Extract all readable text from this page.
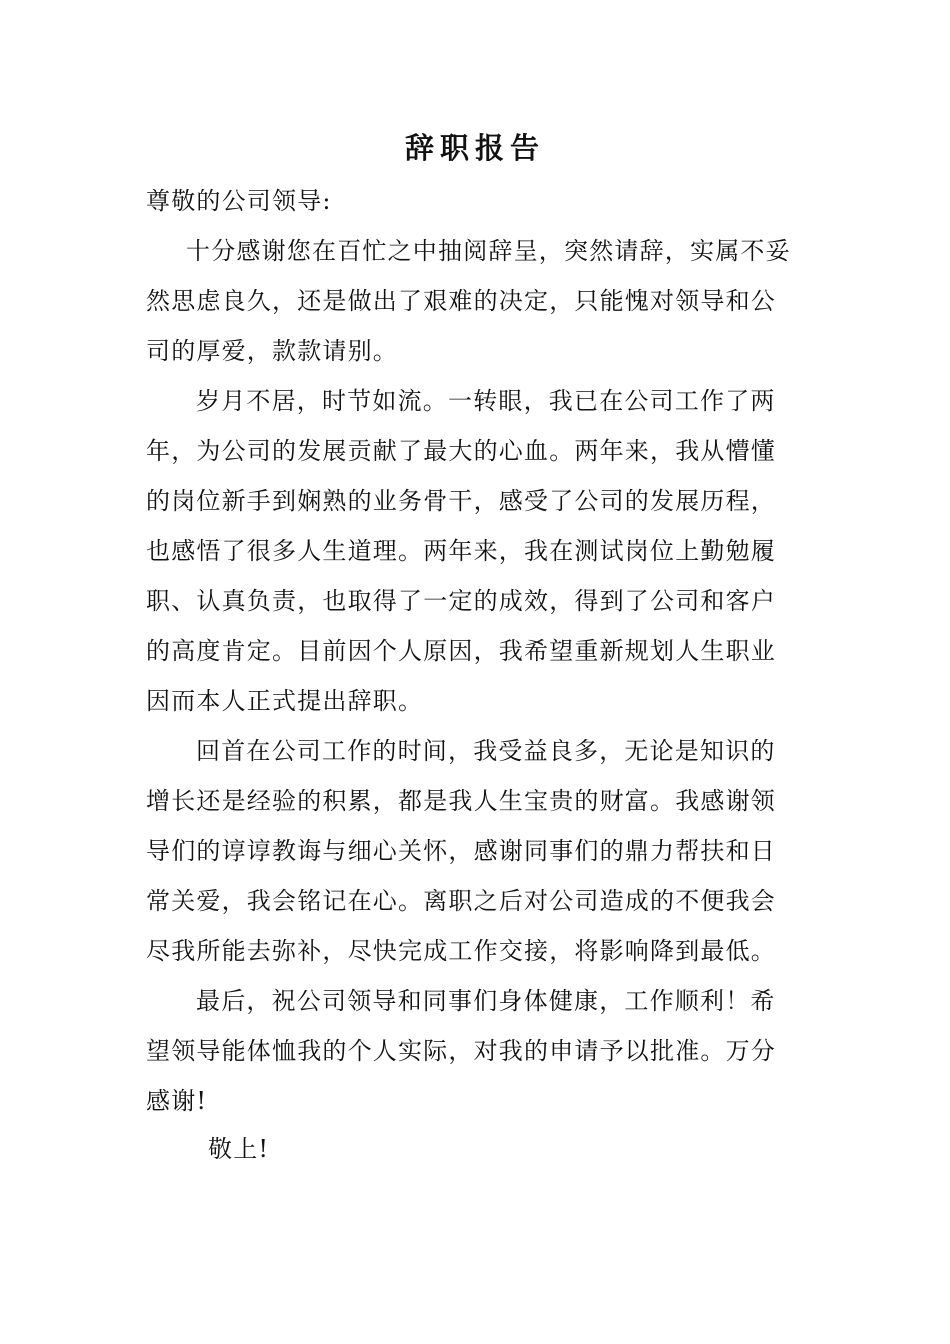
辞职报告
尊敬的公司领导:
十分感谢您在百忙之中抽阅辞呈，突然请辞，实属不妥
然思虑良久，还是做出了艰难的决定，只能愧对领导和公
司的厚爱，款款请别。
岁月不居，时节如流。一转眼，我已在公司工作了两
年，为公司的发展贡献了最大的心血。两年来，我从懵懂
的岗位新手到娴熟的业务骨干，感受了公司的发展历程，
也感悟了很多人生道理。两年来，我在测试岗位上勤勉履
职、认真负责，也取得了一定的成效，得到了公司和客户
的高度肯定。目前因个人原因，我希望重新规划人生职业
因而本人正式提出辞职。
回首在公司工作的时间，我受益良多，无论是知识的
增长还是经验的积累，都是我人生宝贵的财富。我感谢领
导们的谆谆教诲与细心关怀，感谢同事们的鼎力帮扶和日
常关爱，我会铭记在心。离职之后对公司造成的不便我会
尽我所能去弥补，尽快完成工作交接，将影响降到最低。
最后，祝公司领导和同事们身体健康，工作顺利！希
望领导能体恤我的个人实际，对我的申请予以批准。万分
感谢!
敬上!
